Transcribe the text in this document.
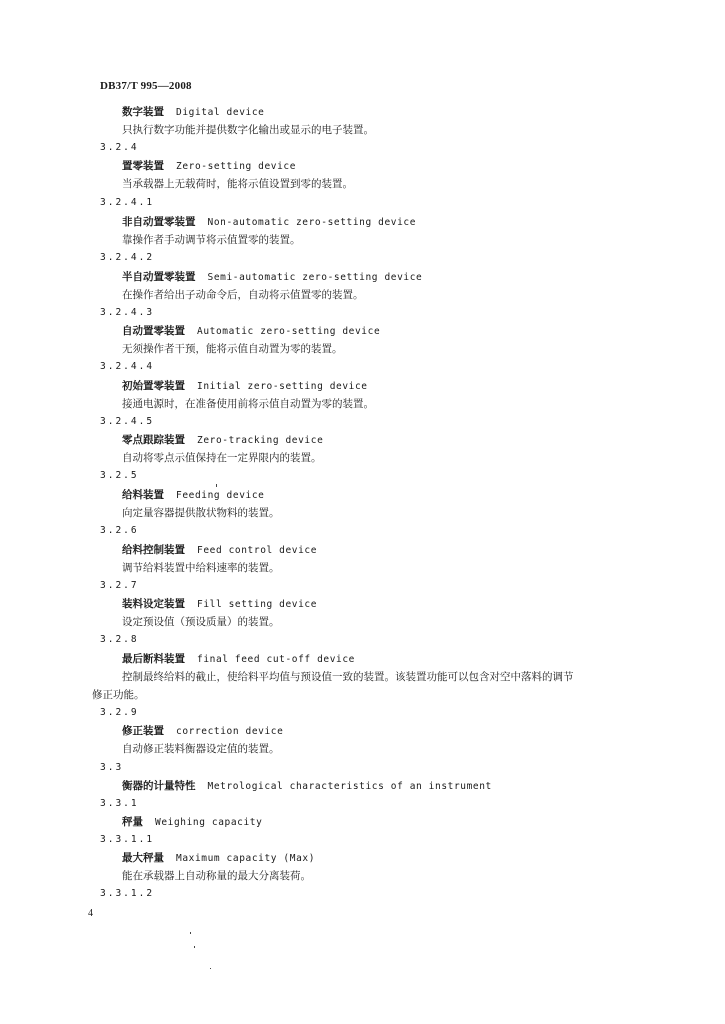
DB37/T 995—2008
数字装置 Digital device
只执行数字功能并提供数字化输出或显示的电子装置。
3.2.4
置零装置 Zero-setting device
当承载器上无载荷时，能将示值设置到零的装置。
3.2.4.1
非自动置零装置 Non-automatic zero-setting device
靠操作者手动调节将示值置零的装置。
3.2.4.2
半自动置零装置 Semi-automatic zero-setting device
在操作者给出子动命令后，自动将示值置零的装置。
3.2.4.3
自动置零装置 Automatic zero-setting device
无须操作者干预，能将示值自动置为零的装置。
3.2.4.4
初始置零装置 Initial zero-setting device
接通电源时，在准备使用前将示值自动置为零的装置。
3.2.4.5
零点跟踪装置 Zero-tracking device
自动将零点示值保持在一定界限内的装置。
3.2.5
给料装置 Feeding device
向定量容器提供散状物料的装置。
3.2.6
给料控制装置 Feed control device
调节给料装置中给料速率的装置。
3.2.7
装料设定装置 Fill setting device
设定预设值（预设质量）的装置。
3.2.8
最后断料装置 final feed cut-off device
控制最终给料的截止，使给料平均值与预设值一致的装置。该装置功能可以包含对空中落料的调节
修正功能。
3.2.9
修正装置 correction device
自动修正装料衡器设定值的装置。
3.3
衡器的计量特性 Metrological characteristics of an instrument
3.3.1
秤量 Weighing capacity
3.3.1.1
最大秤量 Maximum capacity (Max)
能在承载器上自动称量的最大分离装荷。
3.3.1.2
4
